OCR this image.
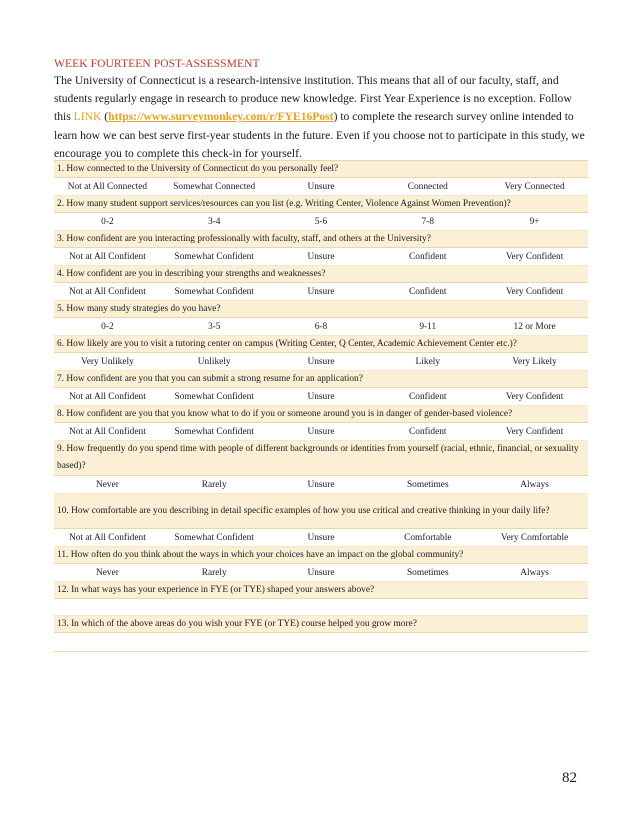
WEEK FOURTEEN POST-ASSESSMENT
The University of Connecticut is a research-intensive institution. This means that all of our faculty, staff, and students regularly engage in research to produce new knowledge. First Year Experience is no exception. Follow this LINK (https://www.surveymonkey.com/r/FYE16Post) to complete the research survey online intended to learn how we can best serve first-year students in the future. Even if you choose not to participate in this study, we encourage you to complete this check-in for yourself.
1. How connected to the University of Connecticut do you personally feel?				
Not at All Connected	Somewhat Connected	Unsure	Connected	Very Connected
2. How many student support services/resources can you list (e.g. Writing Center, Violence Against Women Prevention)?				
0-2	3-4	5-6	7-8	9+
3. How confident are you interacting professionally with faculty, staff, and others at the University?				
Not at All Confident	Somewhat Confident	Unsure	Confident	Very Confident
4. How confident are you in describing your strengths and weaknesses?				
Not at All Confident	Somewhat Confident	Unsure	Confident	Very Confident
5. How many study strategies do you have?				
0-2	3-5	6-8	9-11	12 or More
6. How likely are you to visit a tutoring center on campus (Writing Center, Q Center, Academic Achievement Center etc.)?				
Very Unlikely	Unlikely	Unsure	Likely	Very Likely
7. How confident are you that you can submit a strong resume for an application?				
Not at All Confident	Somewhat Confident	Unsure	Confident	Very Confident
8. How confident are you that you know what to do if you or someone around you is in danger of gender-based violence?				
Not at All Confident	Somewhat Confident	Unsure	Confident	Very Confident
9. How frequently do you spend time with people of different backgrounds or identities from yourself (racial, ethnic, financial, or sexuality based)?				
Never	Rarely	Unsure	Sometimes	Always
10. How comfortable are you describing in detail specific examples of how you use critical and creative thinking in your daily life?				
Not at All Confident	Somewhat Confident	Unsure	Comfortable	Very Comfortable
11. How often do you think about the ways in which your choices have an impact on the global community?				
Never	Rarely	Unsure	Sometimes	Always
12. In what ways has your experience in FYE (or TYE) shaped your answers above?				

13. In which of the above areas do you wish your FYE (or TYE) course helped you grow more?				

82
